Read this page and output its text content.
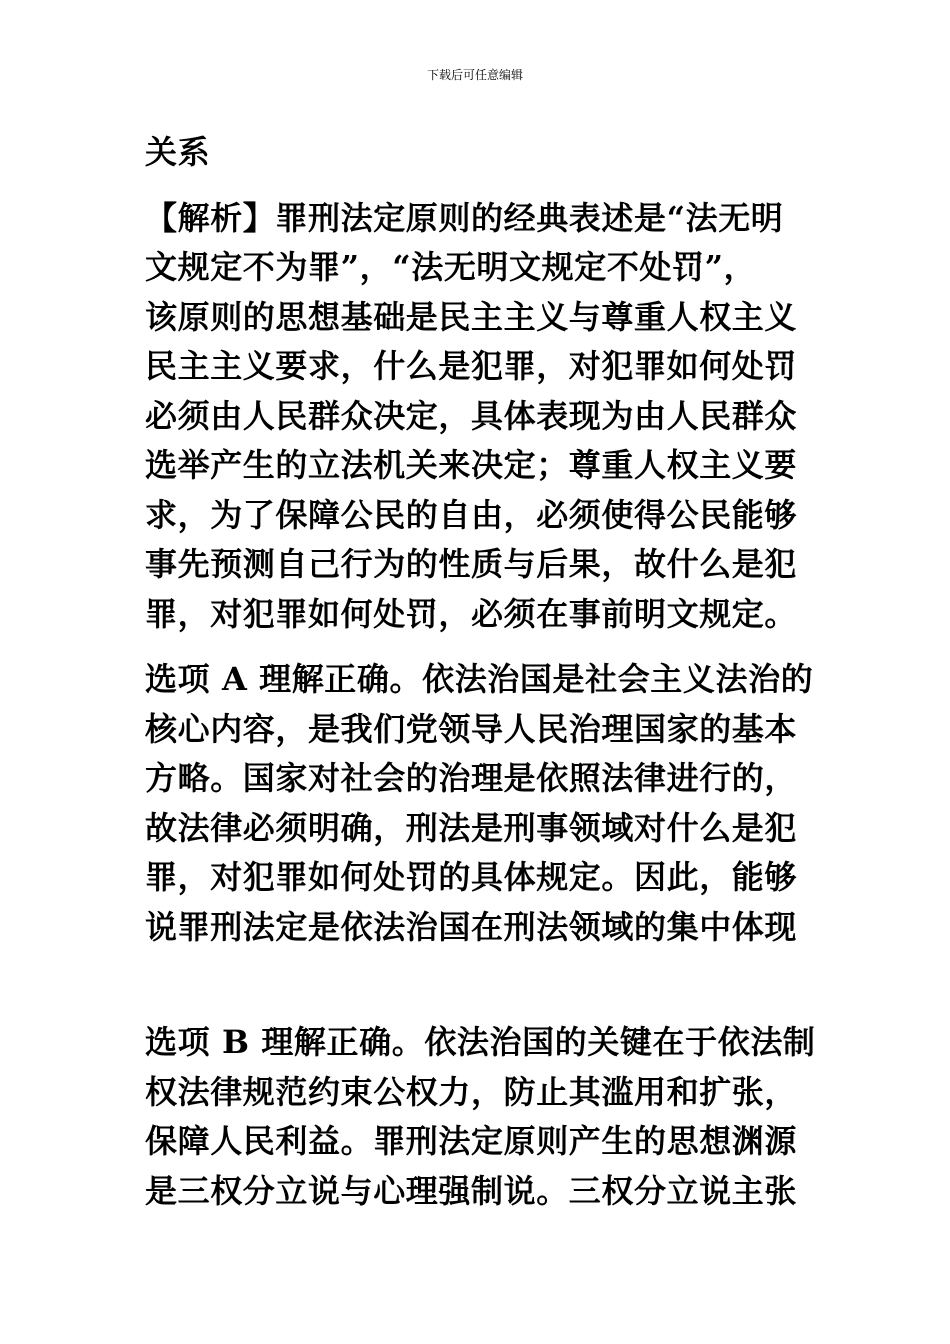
下载后可任意编辑
关系
【解析】罪刑法定原则的经典表述是“法无明
文规定不为罪”，“法无明文规定不处罚”，
该原则的思想基础是民主主义与尊重人权主义
民主主义要求，什么是犯罪，对犯罪如何处罚
必须由人民群众决定，具体表现为由人民群众
选举产生的立法机关来决定；尊重人权主义要
求，为了保障公民的自由，必须使得公民能够
事先预测自己行为的性质与后果，故什么是犯
罪，对犯罪如何处罚，必须在事前明文规定。
选项 A 理解正确。依法治国是社会主义法治的
核心内容，是我们党领导人民治理国家的基本
方略。国家对社会的治理是依照法律进行的，
故法律必须明确，刑法是刑事领域对什么是犯
罪，对犯罪如何处罚的具体规定。因此，能够
说罪刑法定是依法治国在刑法领域的集中体现
选项 B 理解正确。依法治国的关键在于依法制
权法律规范约束公权力，防止其滥用和扩张，
保障人民利益。罪刑法定原则产生的思想渊源
是三权分立说与心理强制说。三权分立说主张
